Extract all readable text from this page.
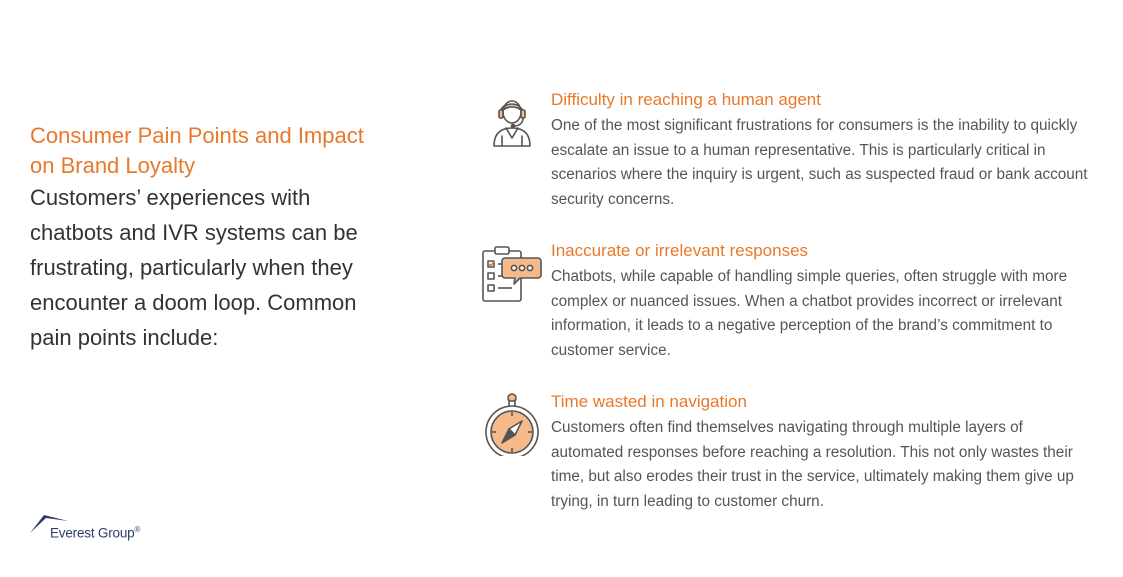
Consumer Pain Points and Impact on Brand Loyalty

Customers’ experiences with chatbots and IVR systems can be frustrating, particularly when they encounter a doom loop. Common pain points include:

Difficulty in reaching a human agent

One of the most significant frustrations for consumers is the inability to quickly escalate an issue to a human representative. This is particularly critical in scenarios where the inquiry is urgent, such as suspected fraud or bank account security concerns.

Inaccurate or irrelevant responses

Chatbots, while capable of handling simple queries, often struggle with more complex or nuanced issues. When a chatbot provides incorrect or irrelevant information, it leads to a negative perception of the brand’s commitment to customer service.

Time wasted in navigation

Customers often find themselves navigating through multiple layers of automated responses before reaching a resolution. This not only wastes their time, but also erodes their trust in the service, ultimately making them give up trying, in turn leading to customer churn.

Everest Group®
